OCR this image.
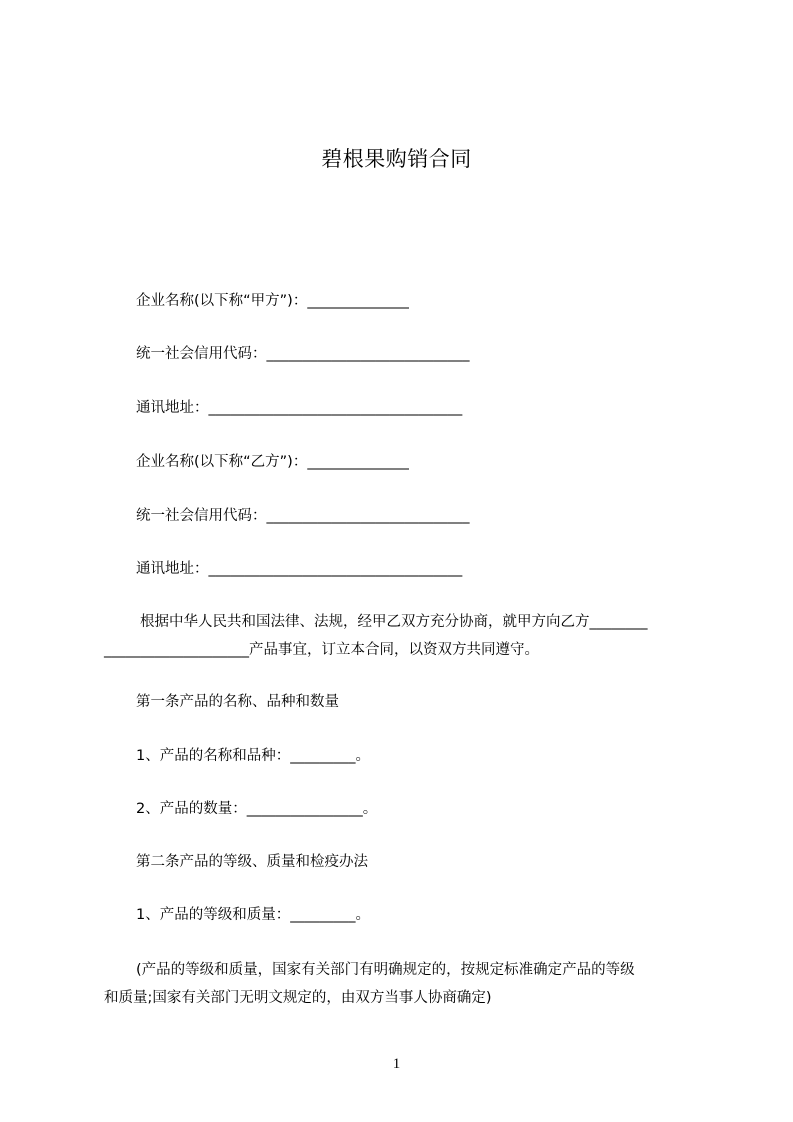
碧根果购销合同
企业名称(以下称“甲方”)：______________
统一社会信用代码：____________________________
通讯地址：___________________________________
企业名称(以下称“乙方”)：______________
统一社会信用代码：____________________________
通讯地址：___________________________________
根据中华人民共和国法律、法规，经甲乙双方充分协商，就甲方向乙方________
____________________产品事宜，订立本合同，以资双方共同遵守。
第一条产品的名称、品种和数量
1、产品的名称和品种：_________。
2、产品的数量：________________。
第二条产品的等级、质量和检疫办法
1、产品的等级和质量：_________。
(产品的等级和质量，国家有关部门有明确规定的，按规定标准确定产品的等级
和质量;国家有关部门无明文规定的，由双方当事人协商确定)
1
